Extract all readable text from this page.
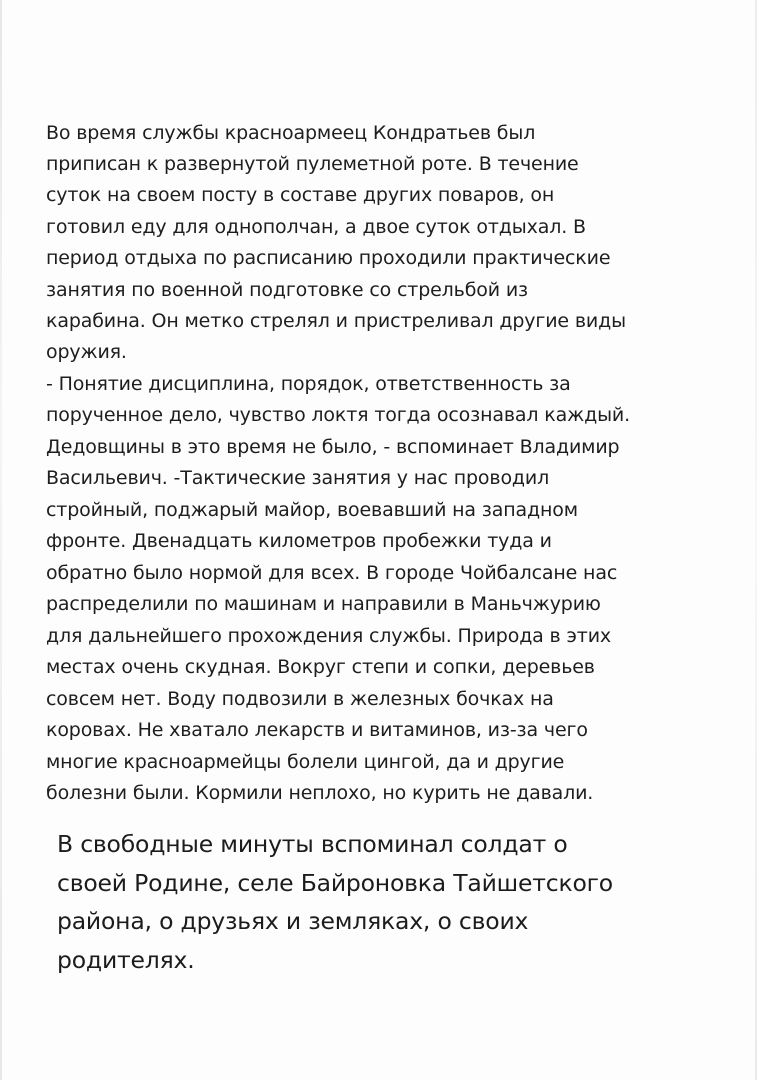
Во время службы красноармеец Кондратьев был
приписан к развернутой пулеметной роте. В течение
суток на своем посту в составе других поваров, он
готовил еду для однополчан, а двое суток отдыхал. В
период отдыха по расписанию проходили практические
занятия по военной подготовке со стрельбой из
карабина. Он метко стрелял и пристреливал другие виды
оружия.
- Понятие дисциплина, порядок, ответственность за
порученное дело, чувство локтя тогда осознавал каждый.
Дедовщины в это время не было, - вспоминает Владимир
Васильевич. -Тактические занятия у нас проводил
стройный, поджарый майор, воевавший на западном
фронте. Двенадцать километров пробежки туда и
обратно было нормой для всех. В городе Чойбалсане нас
распределили по машинам и направили в Маньчжурию
для дальнейшего прохождения службы. Природа в этих
местах очень скудная. Вокруг степи и сопки, деревьев
совсем нет. Воду подвозили в железных бочках на
коровах. Не хватало лекарств и витаминов, из-за чего
многие красноармейцы болели цингой, да и другие
болезни были. Кормили неплохо, но курить не давали.
В свободные минуты вспоминал солдат о
своей Родине, селе Байроновка Тайшетского
района, о друзьях и земляках, о своих
родителях.
